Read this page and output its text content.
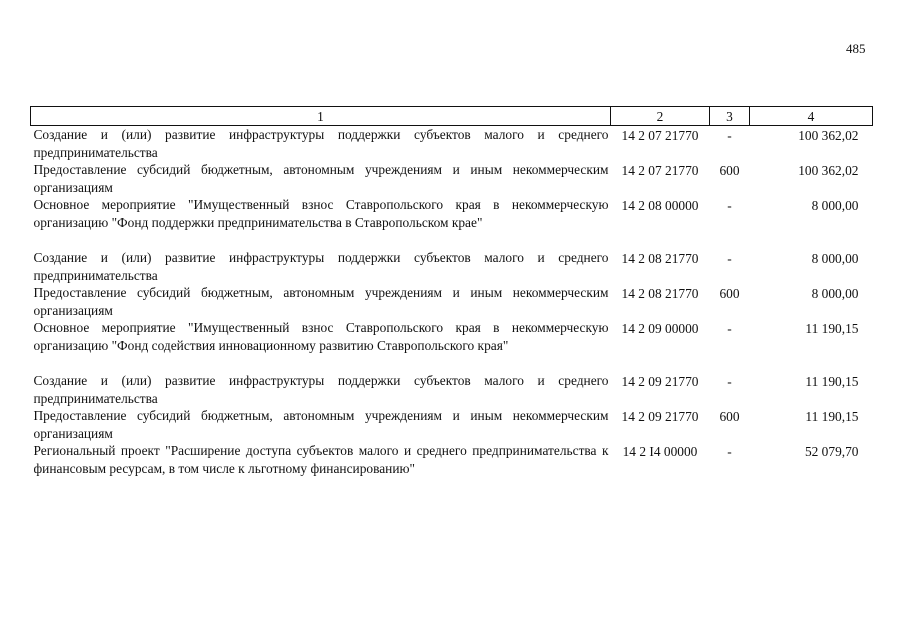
485
1	2	3	4
Создание и (или) развитие инфраструктуры поддержки субъектов малого и среднего предпринимательства	14 2 07 21770	-	100 362,02
Предоставление субсидий бюджетным, автономным учреждениям и иным некоммерческим организациям	14 2 07 21770	600	100 362,02
Основное мероприятие "Имущественный взнос Ставропольского края в некоммерческую организацию "Фонд поддержки предпринимательства в Ставропольском крае"	14 2 08 00000	-	8 000,00

Создание и (или) развитие инфраструктуры поддержки субъектов малого и среднего предпринимательства	14 2 08 21770	-	8 000,00
Предоставление субсидий бюджетным, автономным учреждениям и иным некоммерческим организациям	14 2 08 21770	600	8 000,00
Основное мероприятие "Имущественный взнос Ставропольского края в некоммерческую организацию "Фонд содействия инновационному развитию Ставропольского края"	14 2 09 00000	-	11 190,15

Создание и (или) развитие инфраструктуры поддержки субъектов малого и среднего предпринимательства	14 2 09 21770	-	11 190,15
Предоставление субсидий бюджетным, автономным учреждениям и иным некоммерческим организациям	14 2 09 21770	600	11 190,15
Региональный проект "Расширение доступа субъектов малого и среднего предпринимательства к финансовым ресурсам, в том числе к льготному финансированию"	14 2 I4 00000	-	52 079,70
